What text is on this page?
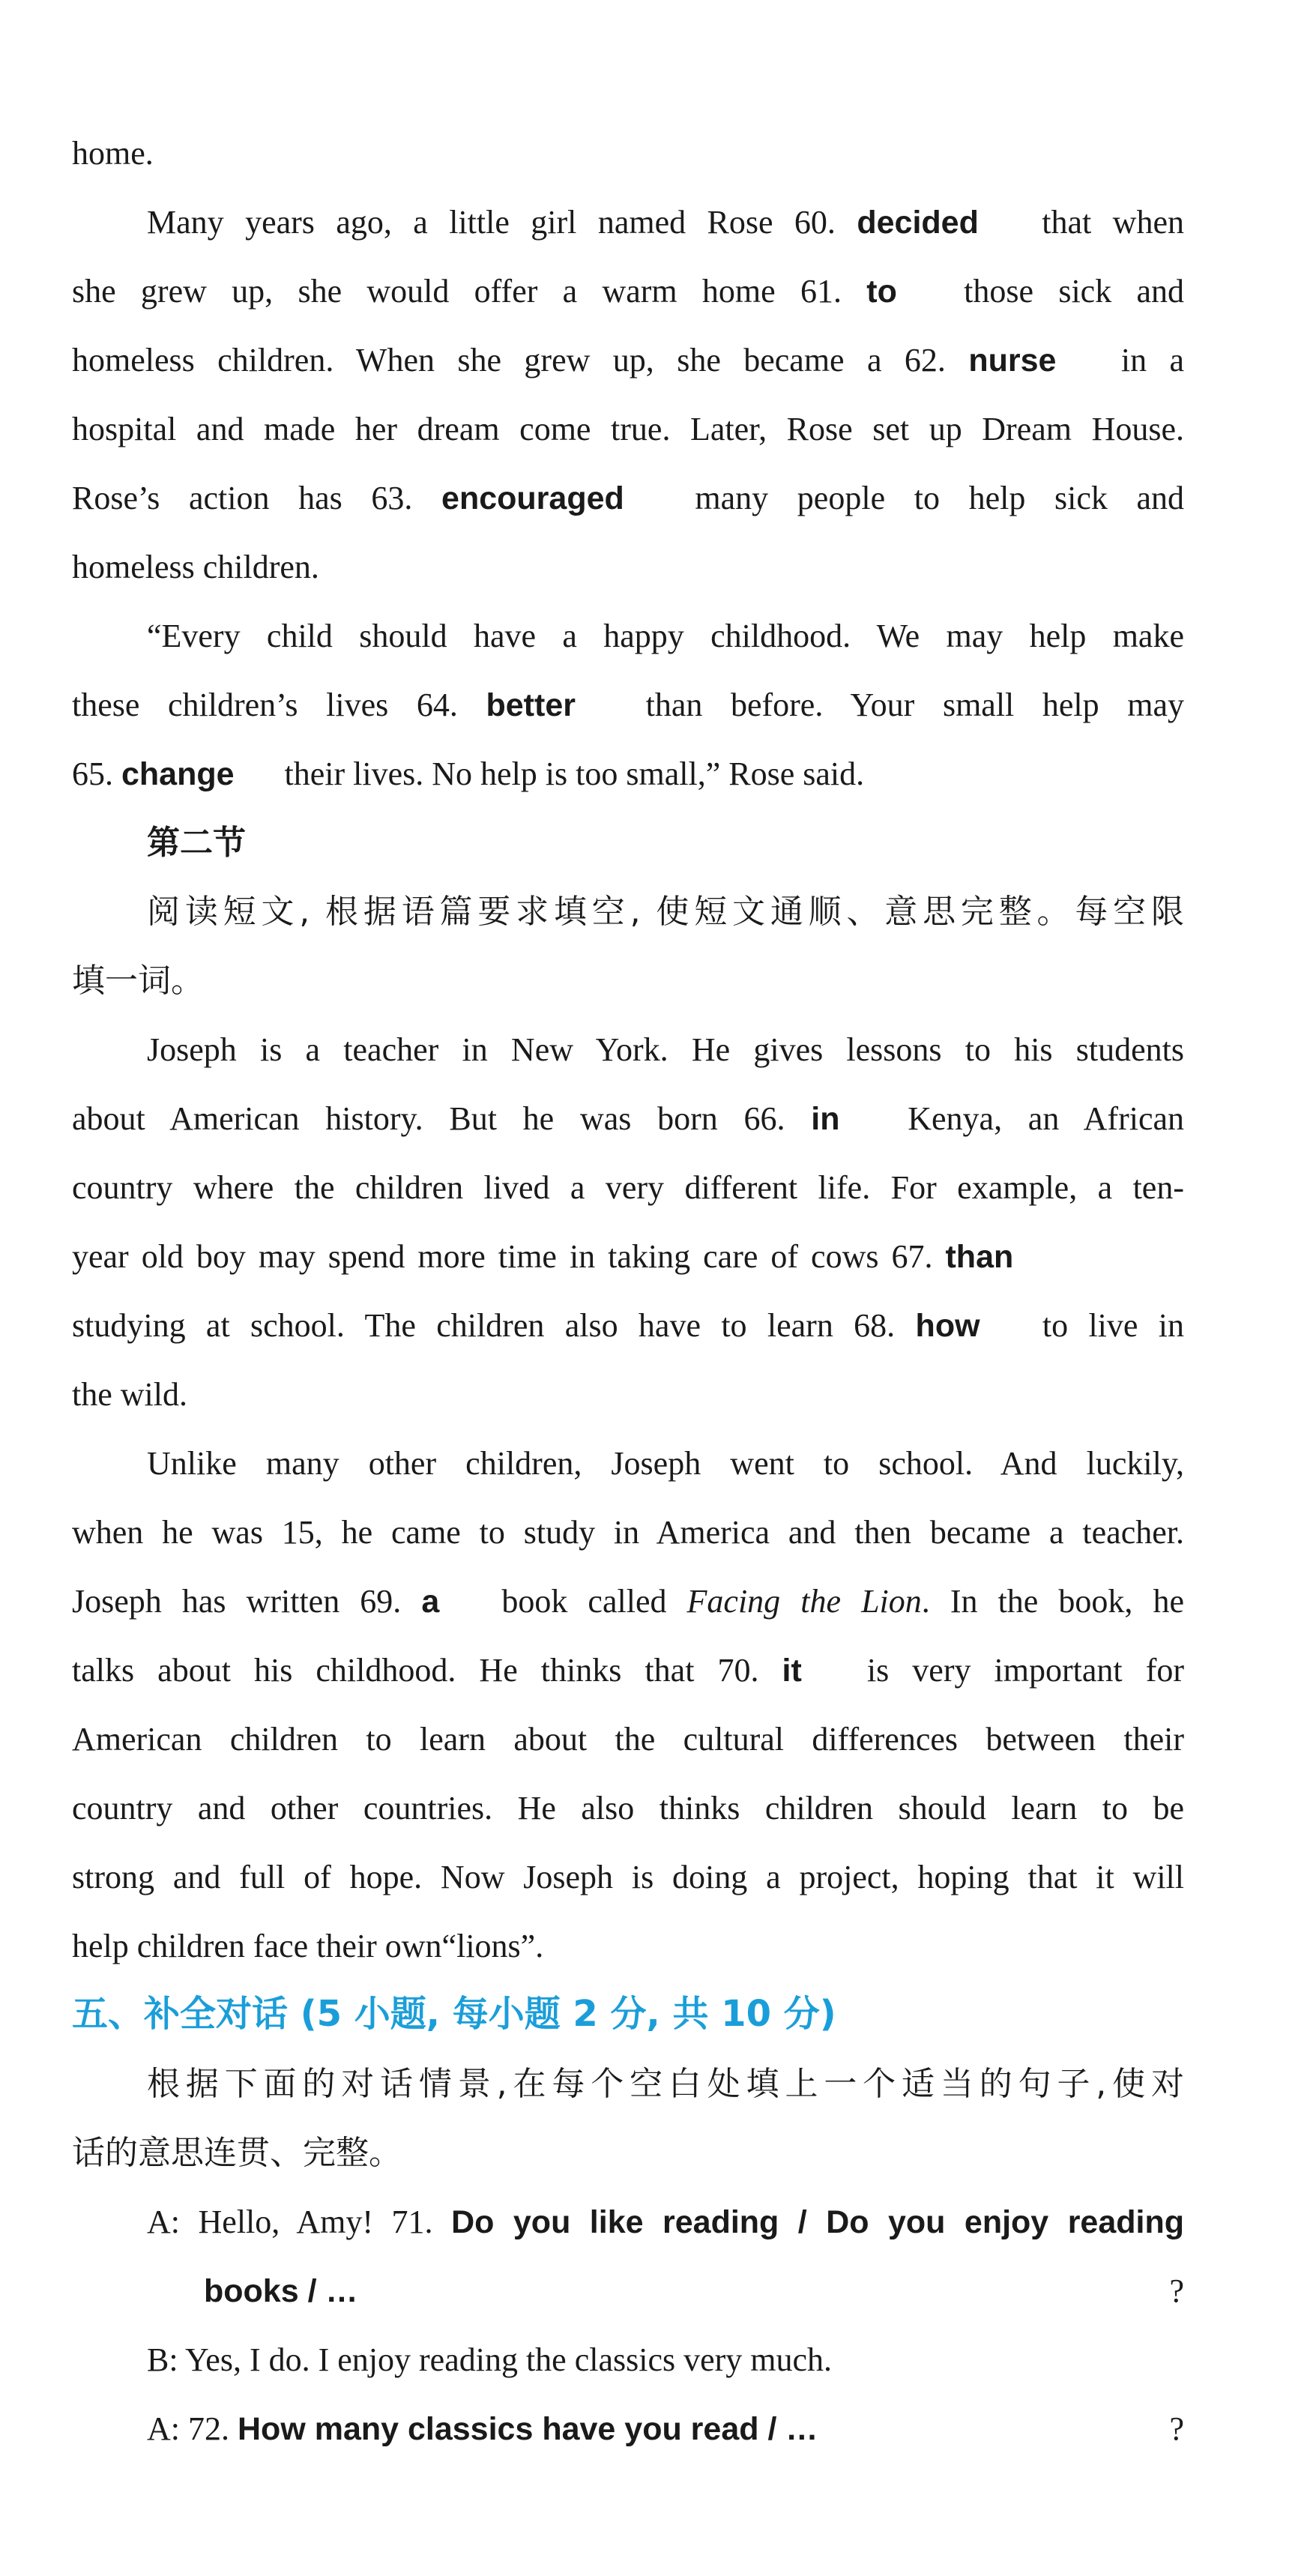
home.

Many years ago, a little girl named Rose 60. decided that when

she grew up, she would offer a warm home 61. to those sick and

homeless children. When she grew up, she became a 62. nurse in a

hospital and made her dream come true. Later, Rose set up Dream House.

Rose’s action has 63. encouraged many people to help sick and

homeless children.

“Every child should have a happy childhood. We may help make

these children’s lives 64. better than before. Your small help may

65. change their lives. No help is too small,” Rose said.

第二节

阅读短文, 根据语篇要求填空, 使短文通顺、意思完整。每空限

填一词。

Joseph is a teacher in New York. He gives lessons to his students

about American history. But he was born 66. in Kenya, an African

country where the children lived a very different life. For example, a ten-

year old boy may spend more time in taking care of cows 67. than

studying at school. The children also have to learn 68. how to live in

the wild.

Unlike many other children, Joseph went to school. And luckily,

when he was 15, he came to study in America and then became a teacher.

Joseph has written 69. a book called Facing the Lion. In the book, he

talks about his childhood. He thinks that 70. it is very important for

American children to learn about the cultural differences between their

country and other countries. He also thinks children should learn to be

strong and full of hope. Now Joseph is doing a project, hoping that it will

help children face their own“lions”.

五、补全对话 (5 小题, 每小题 2 分, 共 10 分)

根据下面的对话情景,在每个空白处填上一个适当的句子,使对

话的意思连贯、完整。

A: Hello, Amy! 71. Do you like reading / Do you enjoy reading

books / …	?

B: Yes, I do. I enjoy reading the classics very much.

A: 72. How many classics have you read / …	?
